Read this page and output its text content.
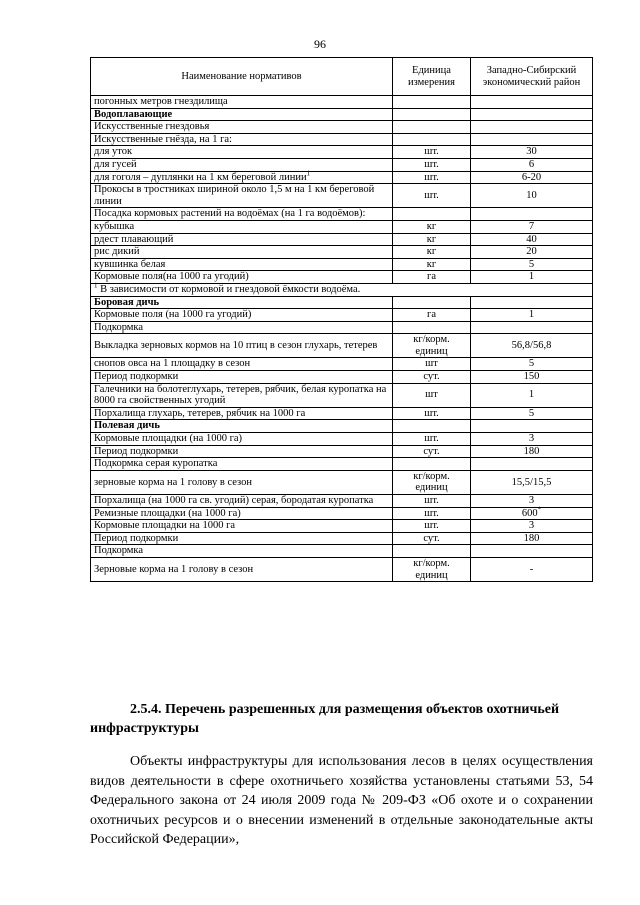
96
Наименование нормативов	Единица измерения	Западно-Сибирский экономический район
погонных метров гнездилища		
Водоплавающие		
Искусственные гнездовья		
Искусственные гнёзда, на 1 га:		
для уток	шт.	30
для гусей	шт.	6
для гоголя – дуплянки на 1 км береговой линии$^1$	шт.	6-20
Прокосы в тростниках шириной около 1,5 м на 1 км береговой линии	шт.	10
Посадка кормовых растений на водоёмах (на 1 га водоёмов):		
кубышка	кг	7
рдест плавающий	кг	40
рис дикий	кг	20
кувшинка белая	кг	5
Кормовые поля(на 1000 га угодий)	га	1
$^1$ В зависимости от кормовой и гнездовой ёмкости водоёма.		
Боровая дичь		
Кормовые поля (на 1000 га угодий)	га	1
Подкормка		
Выкладка зерновых кормов на 10 птиц в сезон глухарь, тетерев	кг/корм. единиц	56,8/56,8
снопов овса на 1 площадку в сезон	шт	5
Период подкормки	сут.	150
Галечники на болотеглухарь, тетерев, рябчик, белая куропатка на 8000 га свойственных угодий	шт	1
Порхалища глухарь, тетерев, рябчик на 1000 га	шт.	5
Полевая дичь		
Кормовые площадки (на 1000 га)	шт.	3
Период подкормки	сут.	180
Подкормка серая куропатка		
зерновые корма на 1 голову в сезон	кг/корм. единиц	15,5/15,5
Порхалища (на 1000 га св. угодий) серая, бородатая куропатка	шт.	3
Ремизные площадки (на 1000 га)	шт.	600*
Кормовые площадки на 1000 га	шт.	3
Период подкормки	сут.	180
Подкормка		
Зерновые корма на 1 голову в сезон	кг/корм. единиц	-
2.5.4. Перечень разрешенных для размещения объектов охотничьей инфраструктуры

Объекты инфраструктуры для использования лесов в целях осуществления видов деятельности в сфере охотничьего хозяйства установлены статьями 53, 54 Федерального закона от 24 июля 2009 года № 209-ФЗ «Об охоте и о сохранении охотничьих ресурсов и о внесении изменений в отдельные законодательные акты Российской Федерации»,
